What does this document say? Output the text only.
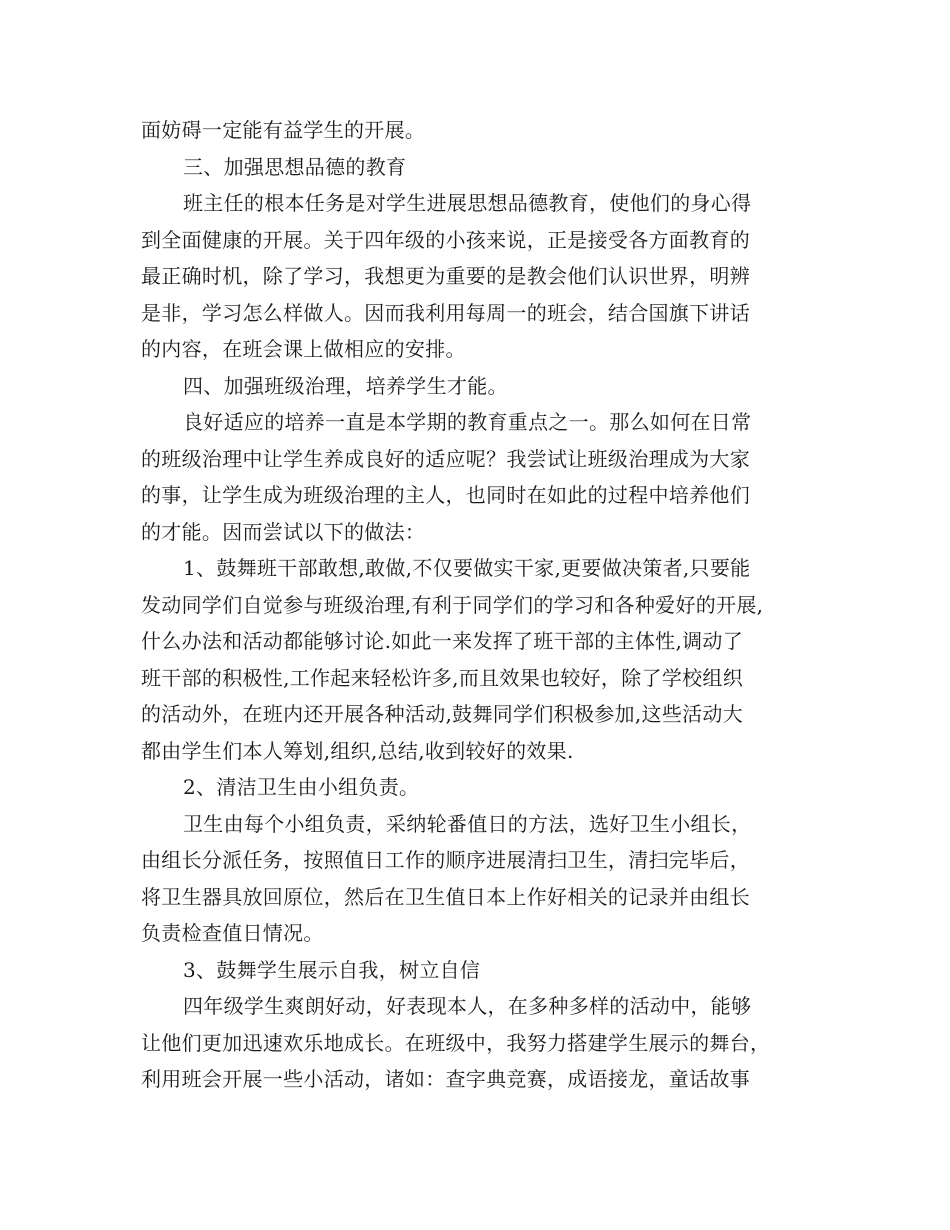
面妨碍一定能有益学生的开展。
三、加强思想品德的教育
班主任的根本任务是对学生进展思想品德教育，使他们的身心得
到全面健康的开展。关于四年级的小孩来说，正是接受各方面教育的
最正确时机，除了学习，我想更为重要的是教会他们认识世界，明辨
是非，学习怎么样做人。因而我利用每周一的班会，结合国旗下讲话
的内容，在班会课上做相应的安排。
四、加强班级治理，培养学生才能。
良好适应的培养一直是本学期的教育重点之一。那么如何在日常
的班级治理中让学生养成良好的适应呢？我尝试让班级治理成为大家
的事，让学生成为班级治理的主人，也同时在如此的过程中培养他们
的才能。因而尝试以下的做法：
1、鼓舞班干部敢想,敢做,不仅要做实干家,更要做决策者,只要能
发动同学们自觉参与班级治理,有利于同学们的学习和各种爱好的开展,
什么办法和活动都能够讨论.如此一来发挥了班干部的主体性,调动了
班干部的积极性,工作起来轻松许多,而且效果也较好，除了学校组织
的活动外，在班内还开展各种活动,鼓舞同学们积极参加,这些活动大
都由学生们本人筹划,组织,总结,收到较好的效果.
2、清洁卫生由小组负责。
卫生由每个小组负责，采纳轮番值日的方法，选好卫生小组长，
由组长分派任务，按照值日工作的顺序进展清扫卫生，清扫完毕后，
将卫生器具放回原位，然后在卫生值日本上作好相关的记录并由组长
负责检查值日情况。
3、鼓舞学生展示自我，树立自信
四年级学生爽朗好动，好表现本人，在多种多样的活动中，能够
让他们更加迅速欢乐地成长。在班级中，我努力搭建学生展示的舞台，
利用班会开展一些小活动，诸如：查字典竞赛，成语接龙，童话故事
